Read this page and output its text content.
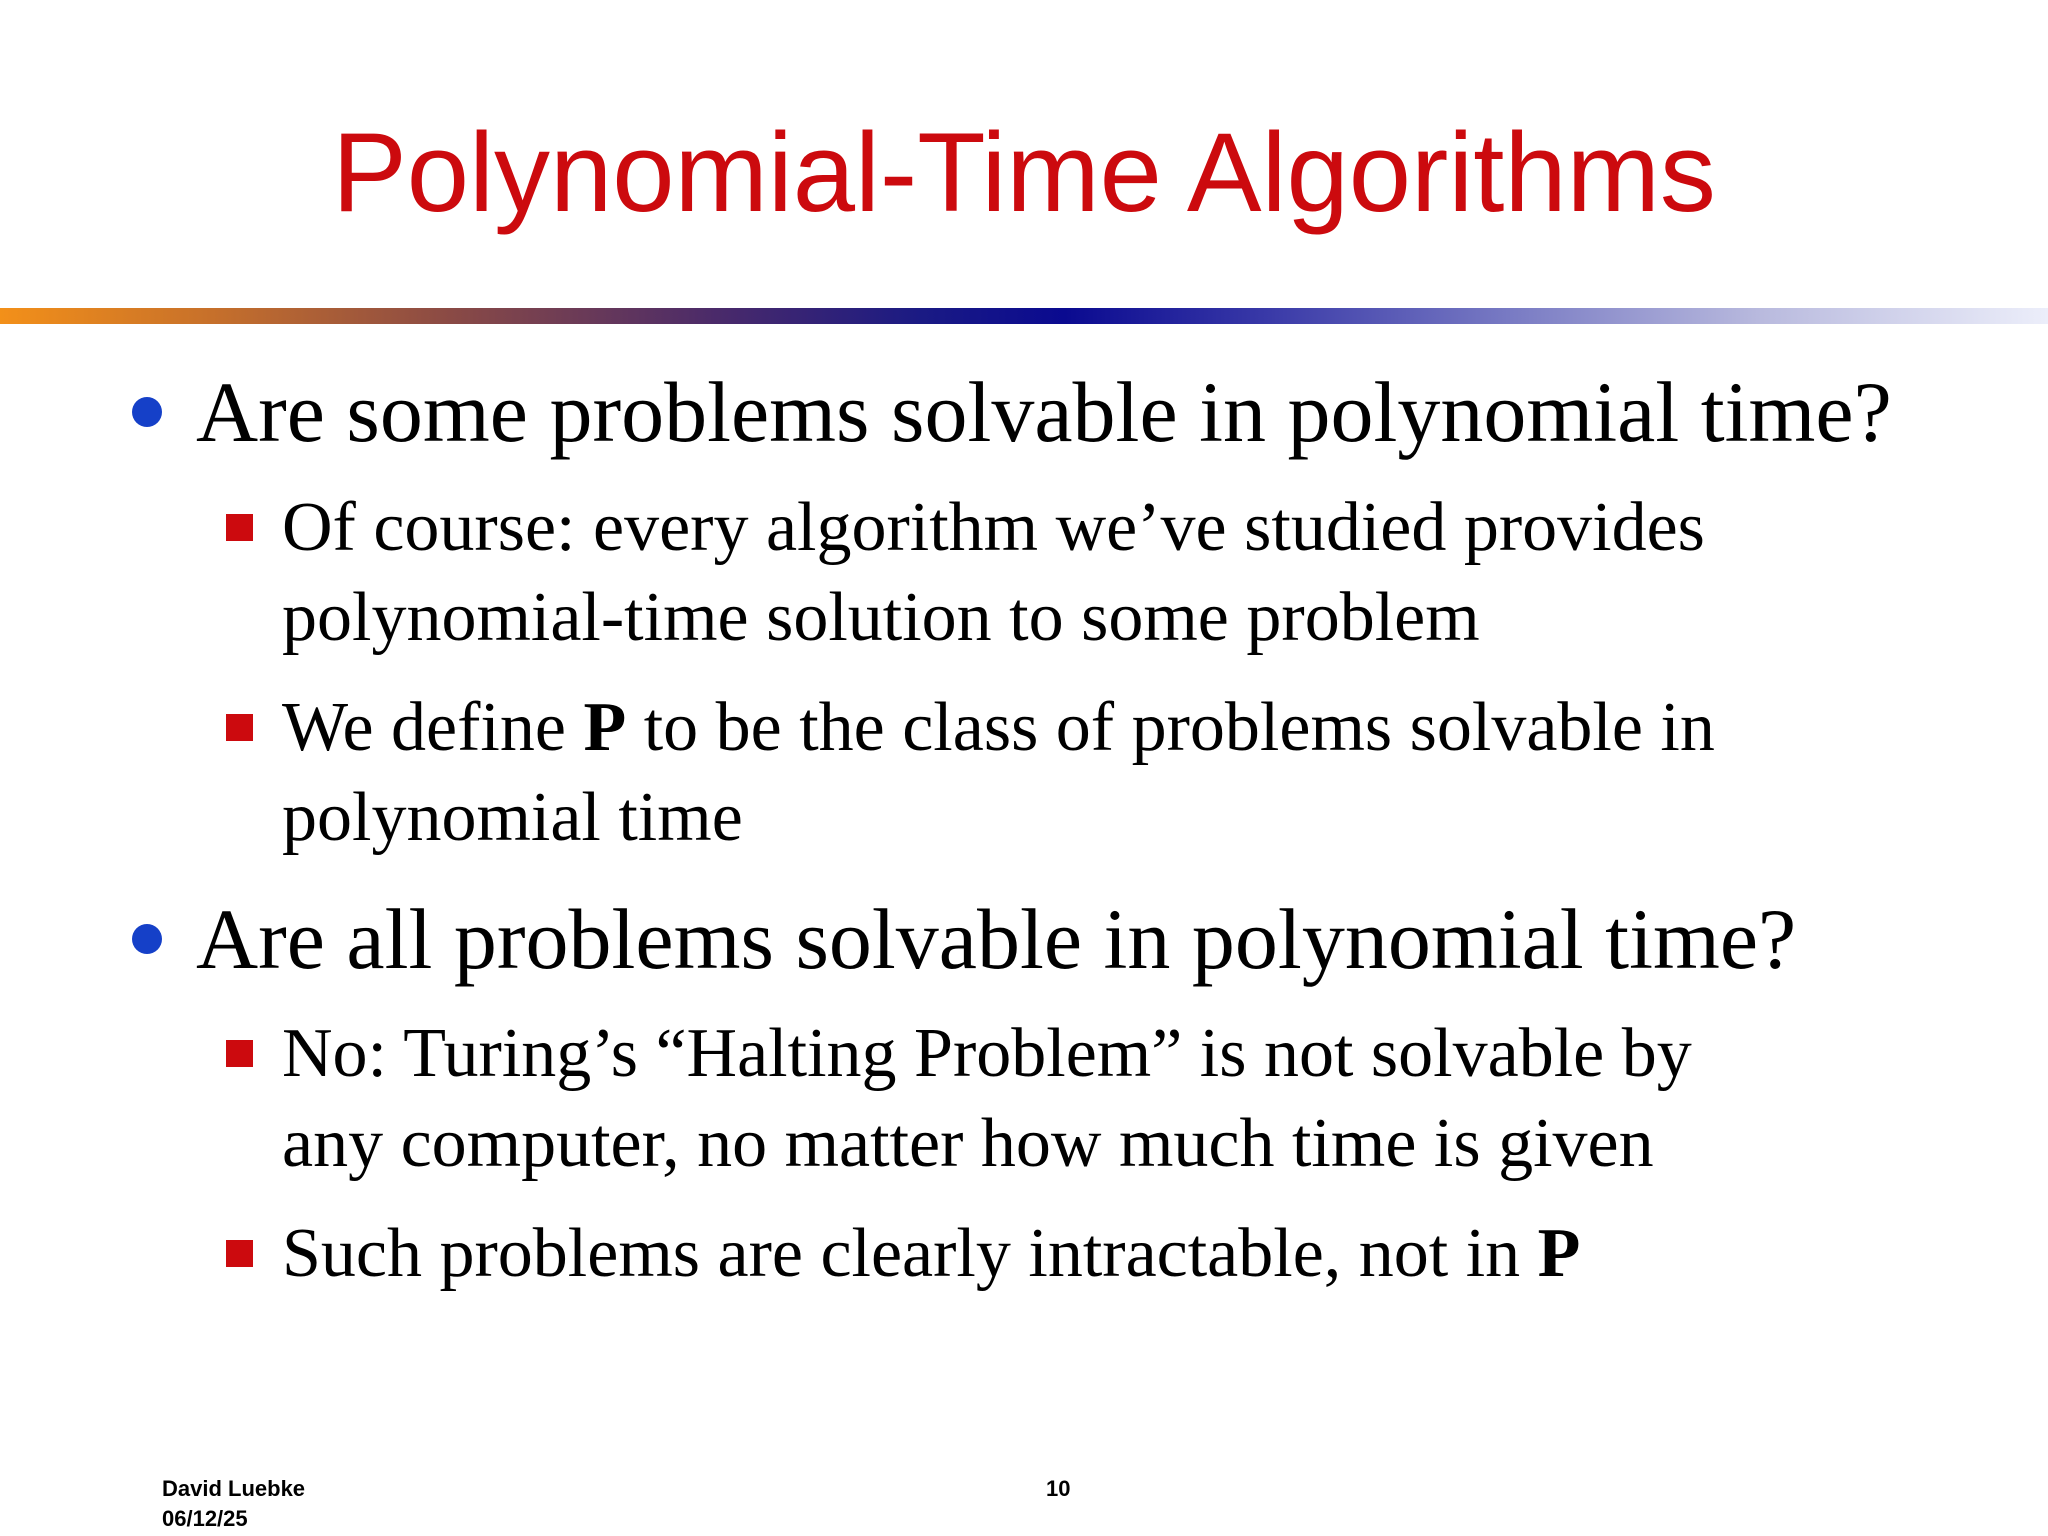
Polynomial-Time Algorithms
Are some problems solvable in polynomial time?
Of course: every algorithm we’ve studied provides
polynomial-time solution to some problem
We define P to be the class of problems solvable in
polynomial time
Are all problems solvable in polynomial time?
No: Turing’s “Halting Problem” is not solvable by
any computer, no matter how much time is given
Such problems are clearly intractable, not in P
David Luebke
06/12/25
10
